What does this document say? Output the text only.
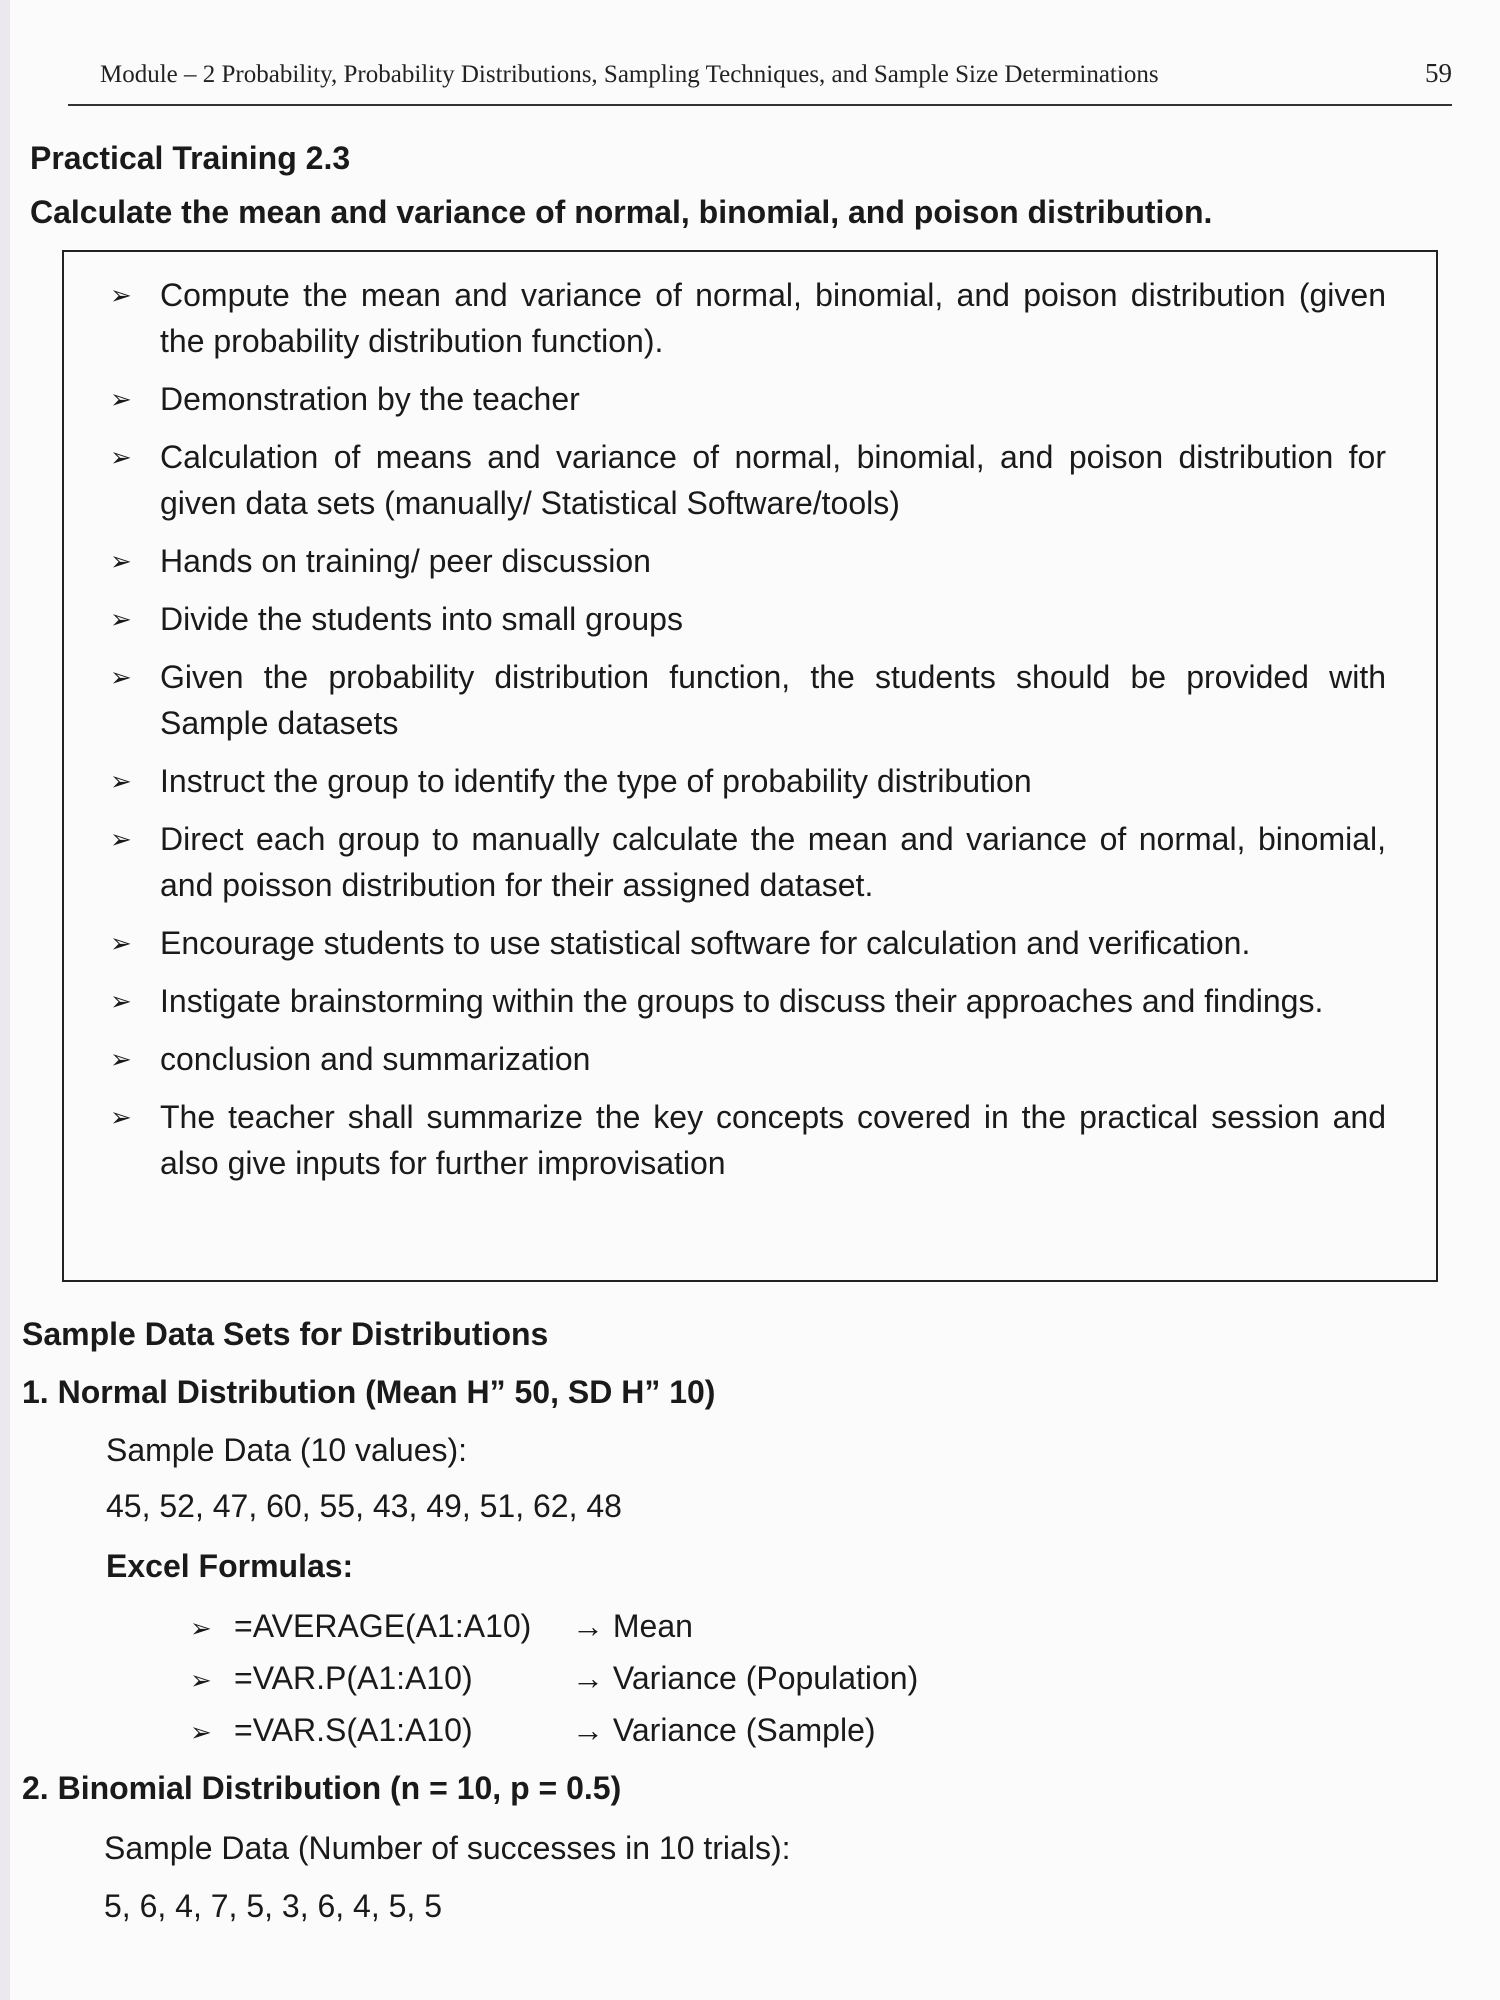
Module – 2 Probability, Probability Distributions, Sampling Techniques, and Sample Size Determinations	59
Practical Training 2.3
Calculate the mean and variance of normal, binomial, and poison distribution.
➢ Compute the mean and variance of normal, binomial, and poison distribution (given the probability distribution function).
➢ Demonstration by the teacher
➢ Calculation of means and variance of normal, binomial, and poison distribution for given data sets (manually/ Statistical Software/tools)
➢ Hands on training/ peer discussion
➢ Divide the students into small groups
➢ Given the probability distribution function, the students should be provided with Sample datasets
➢ Instruct the group to identify the type of probability distribution
➢ Direct each group to manually calculate the mean and variance of normal, binomial, and poisson distribution for their assigned dataset.
➢ Encourage students to use statistical software for calculation and verification.
➢ Instigate brainstorming within the groups to discuss their approaches and findings.
➢ conclusion and summarization
➢ The teacher shall summarize the key concepts covered in the practical session and also give inputs for further improvisation
Sample Data Sets for Distributions
1. Normal Distribution (Mean H” 50, SD H” 10)
Sample Data (10 values):
45, 52, 47, 60, 55, 43, 49, 51, 62, 48
Excel Formulas:
➢ =AVERAGE(A1:A10) → Mean
➢ =VAR.P(A1:A10)	→ Variance (Population)
➢ =VAR.S(A1:A10)	→ Variance (Sample)
2. Binomial Distribution (n = 10, p = 0.5)
Sample Data (Number of successes in 10 trials):
5, 6, 4, 7, 5, 3, 6, 4, 5, 5
